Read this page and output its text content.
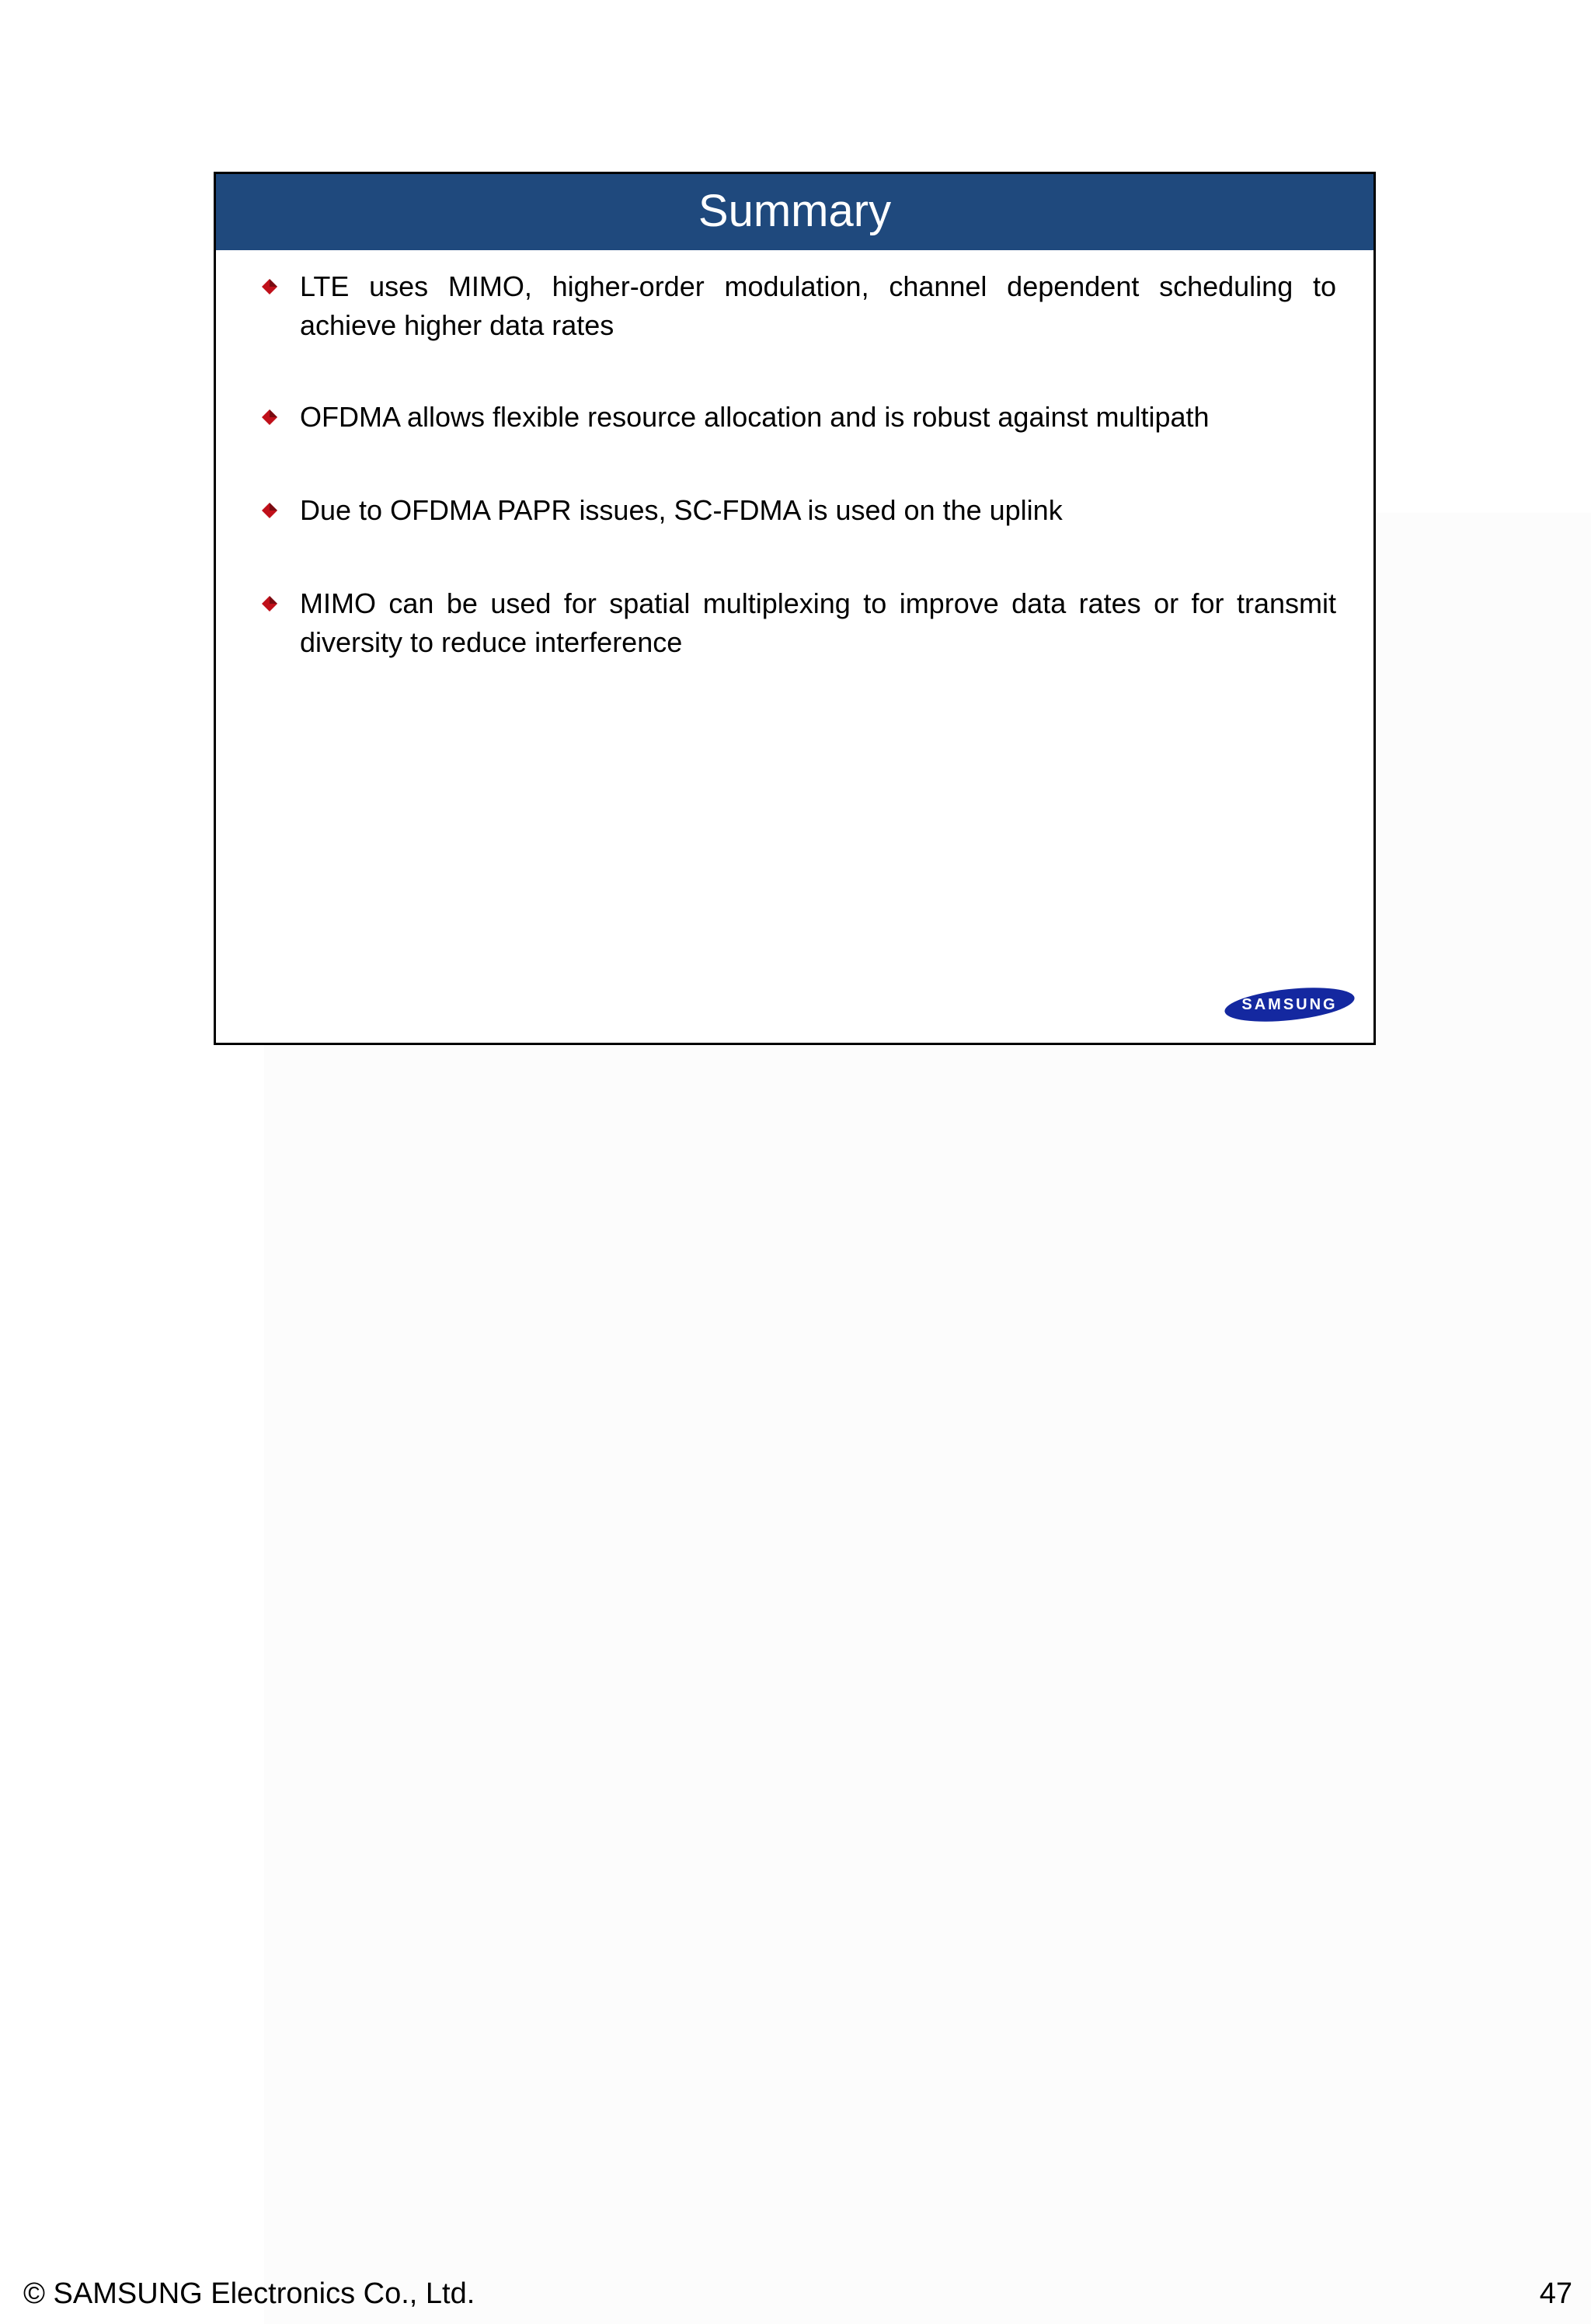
Summary
LTE uses MIMO, higher-order modulation, channel dependent scheduling to achieve higher data rates
OFDMA allows flexible resource allocation and is robust against multipath
Due to OFDMA PAPR issues, SC-FDMA is used on the uplink
MIMO can be used for spatial multiplexing to improve data rates or for transmit diversity to reduce interference
SAMSUNG
© SAMSUNG Electronics Co., Ltd.	47
